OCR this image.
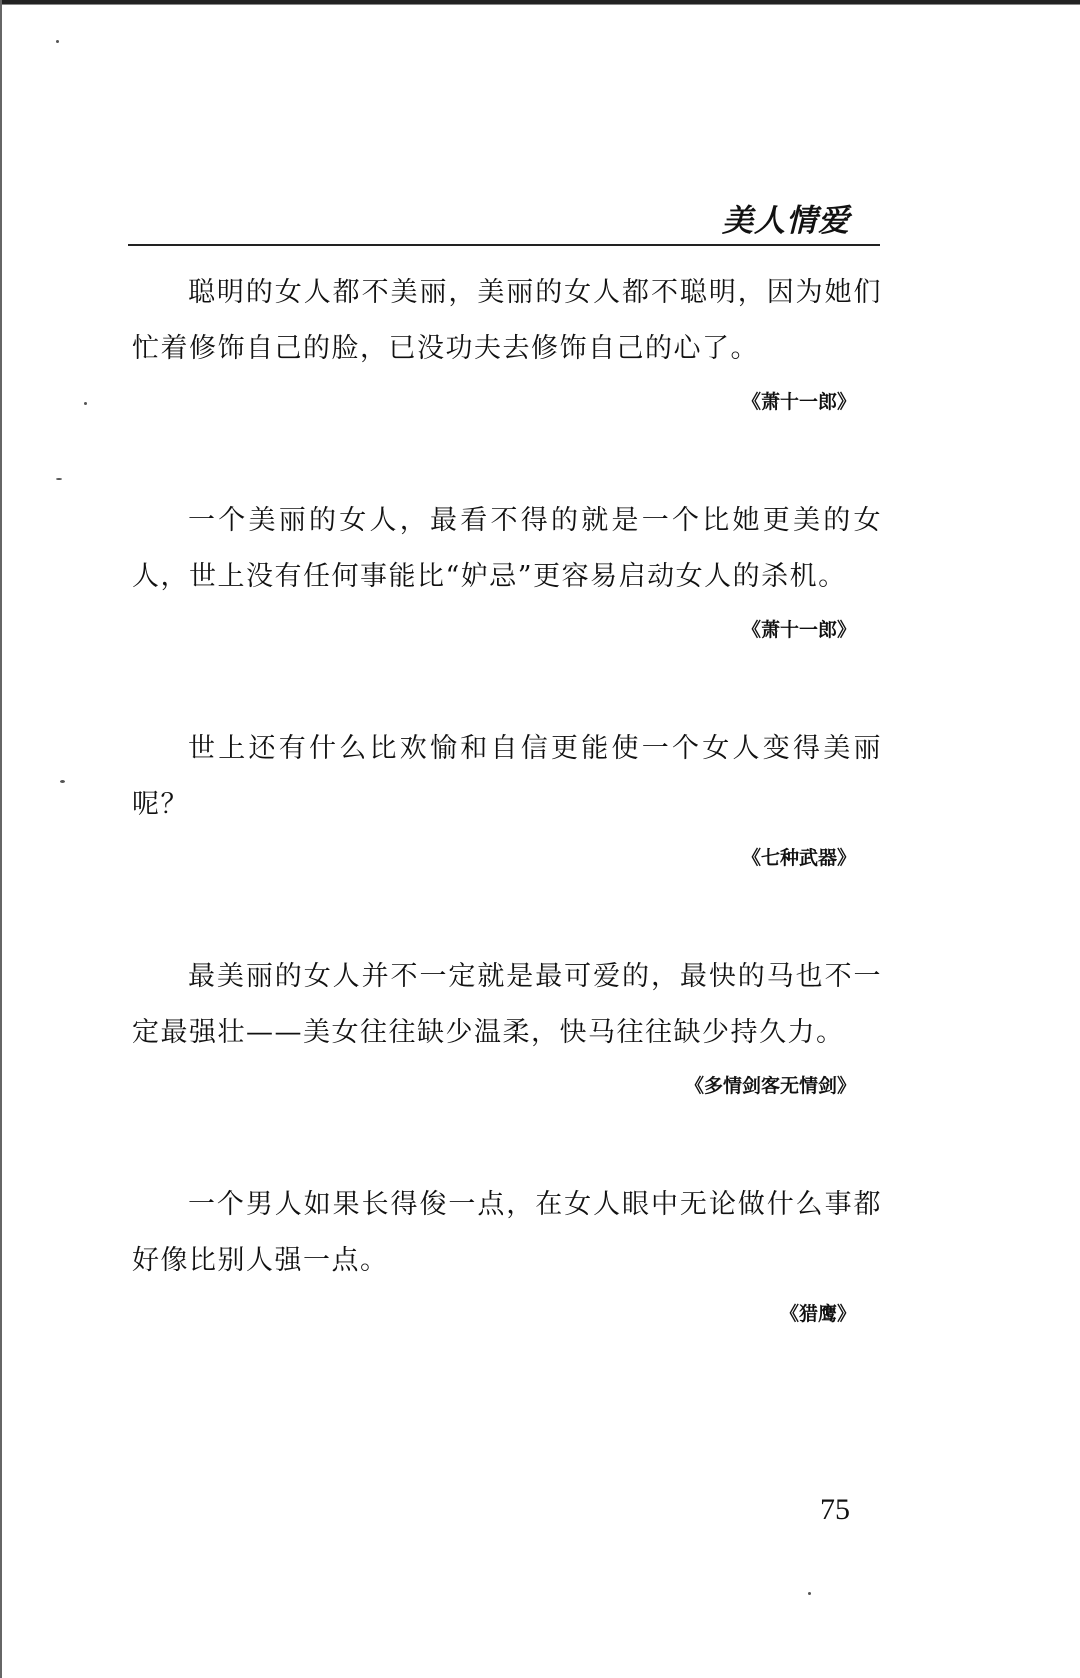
美人情爱

聪明的女人都不美丽，美丽的女人都不聪明，因为她们忙着修饰自己的脸，已没功夫去修饰自己的心了。

《萧十一郎》

一个美丽的女人，最看不得的就是一个比她更美的女人，世上没有任何事能比“妒忌”更容易启动女人的杀机。

《萧十一郎》

世上还有什么比欢愉和自信更能使一个女人变得美丽呢？

《七种武器》

最美丽的女人并不一定就是最可爱的，最快的马也不一定最强壮——美女往往缺少温柔，快马往往缺少持久力。

《多情剑客无情剑》

一个男人如果长得俊一点，在女人眼中无论做什么事都好像比别人强一点。

《猎鹰》

75
